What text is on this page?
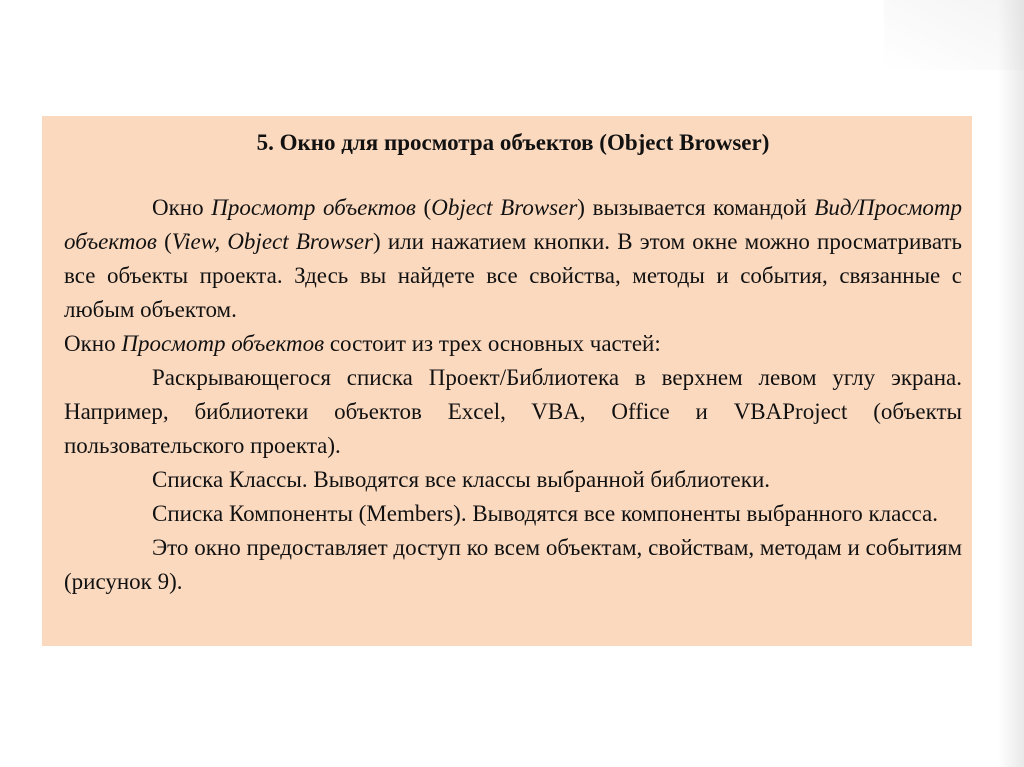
5. Окно для просмотра объектов (Object Browser)

Окно Просмотр объектов (Object Browser) вызывается командой Вид/Просмотр объектов (View, Object Browser) или нажатием кнопки. В этом окне можно просматривать все объекты проекта. Здесь вы найдете все свойства, методы и события, связанные с любым объектом.

Окно Просмотр объектов состоит из трех основных частей:

Раскрывающегося списка Проект/Библиотека в верхнем левом углу экрана. Например, библиотеки объектов Excel, VBA, Office и VBAProject (объекты пользовательского проекта).

Списка Классы. Выводятся все классы выбранной библиотеки.

Списка Компоненты (Members). Выводятся все компоненты выбранного класса.

Это окно предоставляет доступ ко всем объектам, свойствам, методам и событиям (рисунок 9).
